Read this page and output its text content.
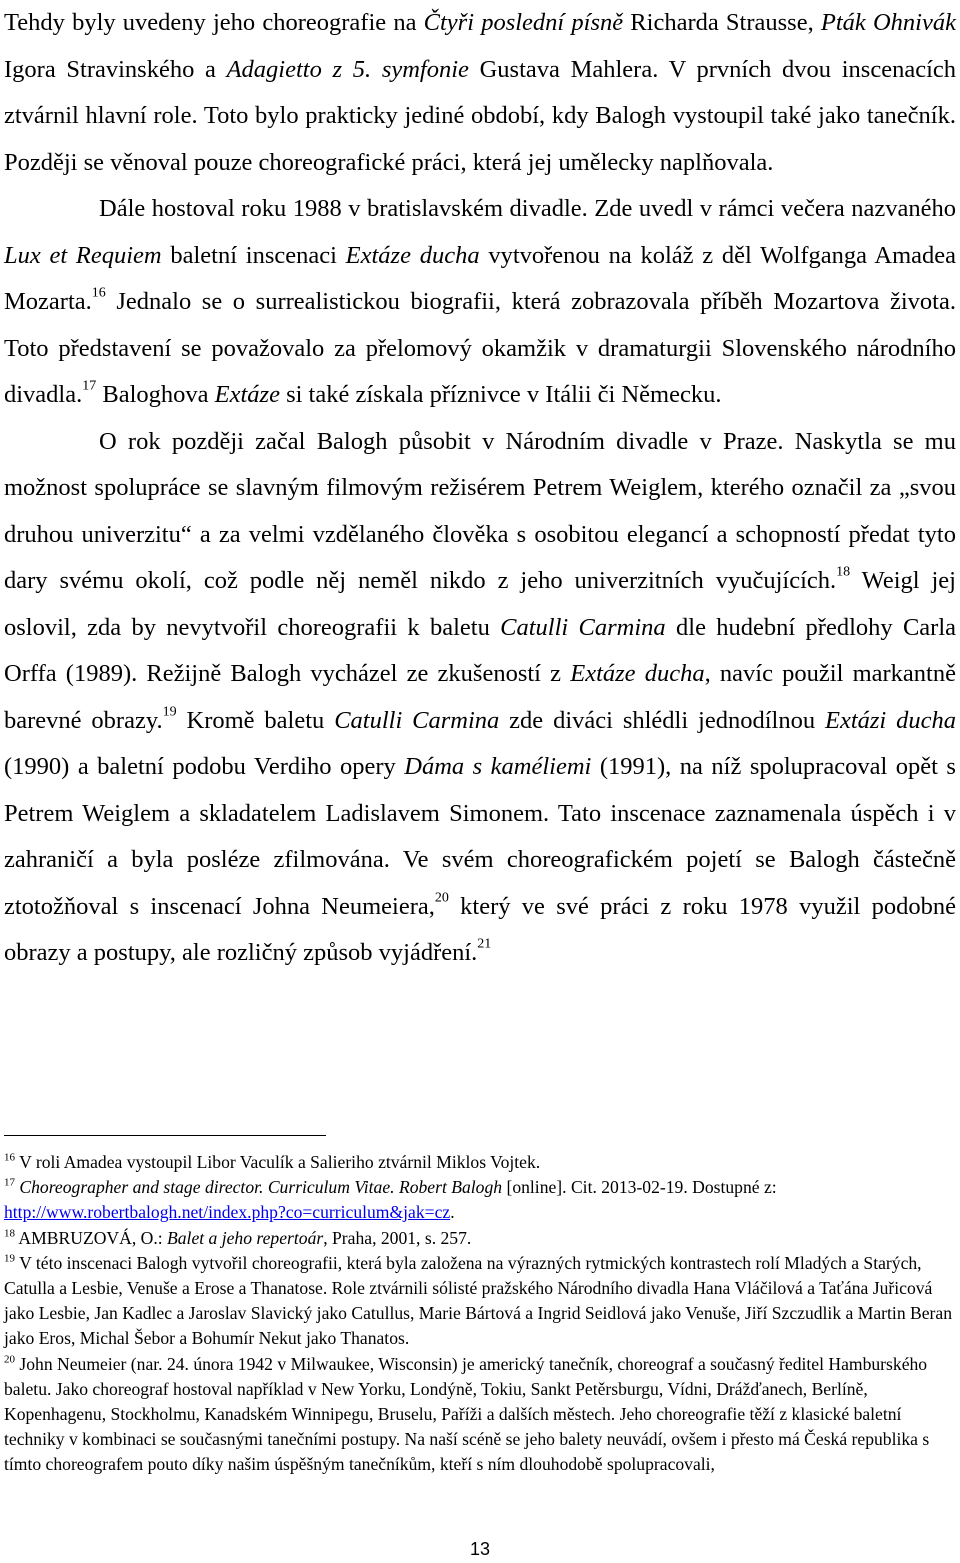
Tehdy byly uvedeny jeho choreografie na Čtyři poslední písně Richarda Strausse, Pták Ohnivák Igora Stravinského a Adagietto z 5. symfonie Gustava Mahlera. V prvních dvou inscenacích ztvárnil hlavní role. Toto bylo prakticky jediné období, kdy Balogh vystoupil také jako tanečník. Později se věnoval pouze choreografické práci, která jej umělecky naplňovala.

Dále hostoval roku 1988 v bratislavském divadle. Zde uvedl v rámci večera nazvaného Lux et Requiem baletní inscenaci Extáze ducha vytvořenou na koláž z děl Wolfganga Amadea Mozarta.$^{16}$ Jednalo se o surrealistickou biografii, která zobrazovala příběh Mozartova života. Toto představení se považovalo za přelomový okamžik v dramaturgii Slovenského národního divadla.$^{17}$ Baloghova Extáze si také získala příznivce v Itálii či Německu.

O rok později začal Balogh působit v Národním divadle v Praze. Naskytla se mu možnost spolupráce se slavným filmovým režisérem Petrem Weiglem, kterého označil za „svou druhou univerzitu“ a za velmi vzdělaného člověka s osobitou elegancí a schopností předat tyto dary svému okolí, což podle něj neměl nikdo z jeho univerzitních vyučujících.$^{18}$ Weigl jej oslovil, zda by nevytvořil choreografii k baletu Catulli Carmina dle hudební předlohy Carla Orffa (1989). Režijně Balogh vycházel ze zkušeností z Extáze ducha, navíc použil markantně barevné obrazy.$^{19}$ Kromě baletu Catulli Carmina zde diváci shlédli jednodílnou Extázi ducha (1990) a baletní podobu Verdiho opery Dáma s kaméliemi (1991), na níž spolupracoval opět s Petrem Weiglem a skladatelem Ladislavem Simonem. Tato inscenace zaznamenala úspěch i v zahraničí a byla posléze zfilmována. Ve svém choreografickém pojetí se Balogh částečně ztotožňoval s inscenací Johna Neumeiera,$^{20}$ který ve své práci z roku 1978 využil podobné obrazy a postupy, ale rozličný způsob vyjádření.$^{21}$

$^{16}$ V roli Amadea vystoupil Libor Vaculík a Salieriho ztvárnil Miklos Vojtek.

$^{17}$ Choreographer and stage director. Curriculum Vitae. Robert Balogh [online]. Cit. 2013-02-19. Dostupné z: http://www.robertbalogh.net/index.php?co=curriculum&jak=cz.

$^{18}$ AMBRUZOVÁ, O.: Balet a jeho repertoár, Praha, 2001, s. 257.

$^{19}$ V této inscenaci Balogh vytvořil choreografii, která byla založena na výrazných rytmických kontrastech rolí Mladých a Starých, Catulla a Lesbie, Venuše a Erose a Thanatose. Role ztvárnili sólisté pražského Národního divadla Hana Vláčilová a Taťána Juřicová jako Lesbie, Jan Kadlec a Jaroslav Slavický jako Catullus, Marie Bártová a Ingrid Seidlová jako Venuše, Jiří Szczudlik a Martin Beran jako Eros, Michal Šebor a Bohumír Nekut jako Thanatos.

$^{20}$ John Neumeier (nar. 24. února 1942 v Milwaukee, Wisconsin) je americký tanečník, choreograf a současný ředitel Hamburského baletu. Jako choreograf hostoval například v New Yorku, Londýně, Tokiu, Sankt Petěrsburgu, Vídni, Drážďanech, Berlíně, Kopenhagenu, Stockholmu, Kanadském Winnipegu, Bruselu, Paříži a dalších městech. Jeho choreografie těží z klasické baletní techniky v kombinaci se současnými tanečními postupy. Na naší scéně se jeho balety neuvádí, ovšem i přesto má Česká republika s tímto choreografem pouto díky našim úspěšným tanečníkům, kteří s ním dlouhodobě spolupracovali,

13
